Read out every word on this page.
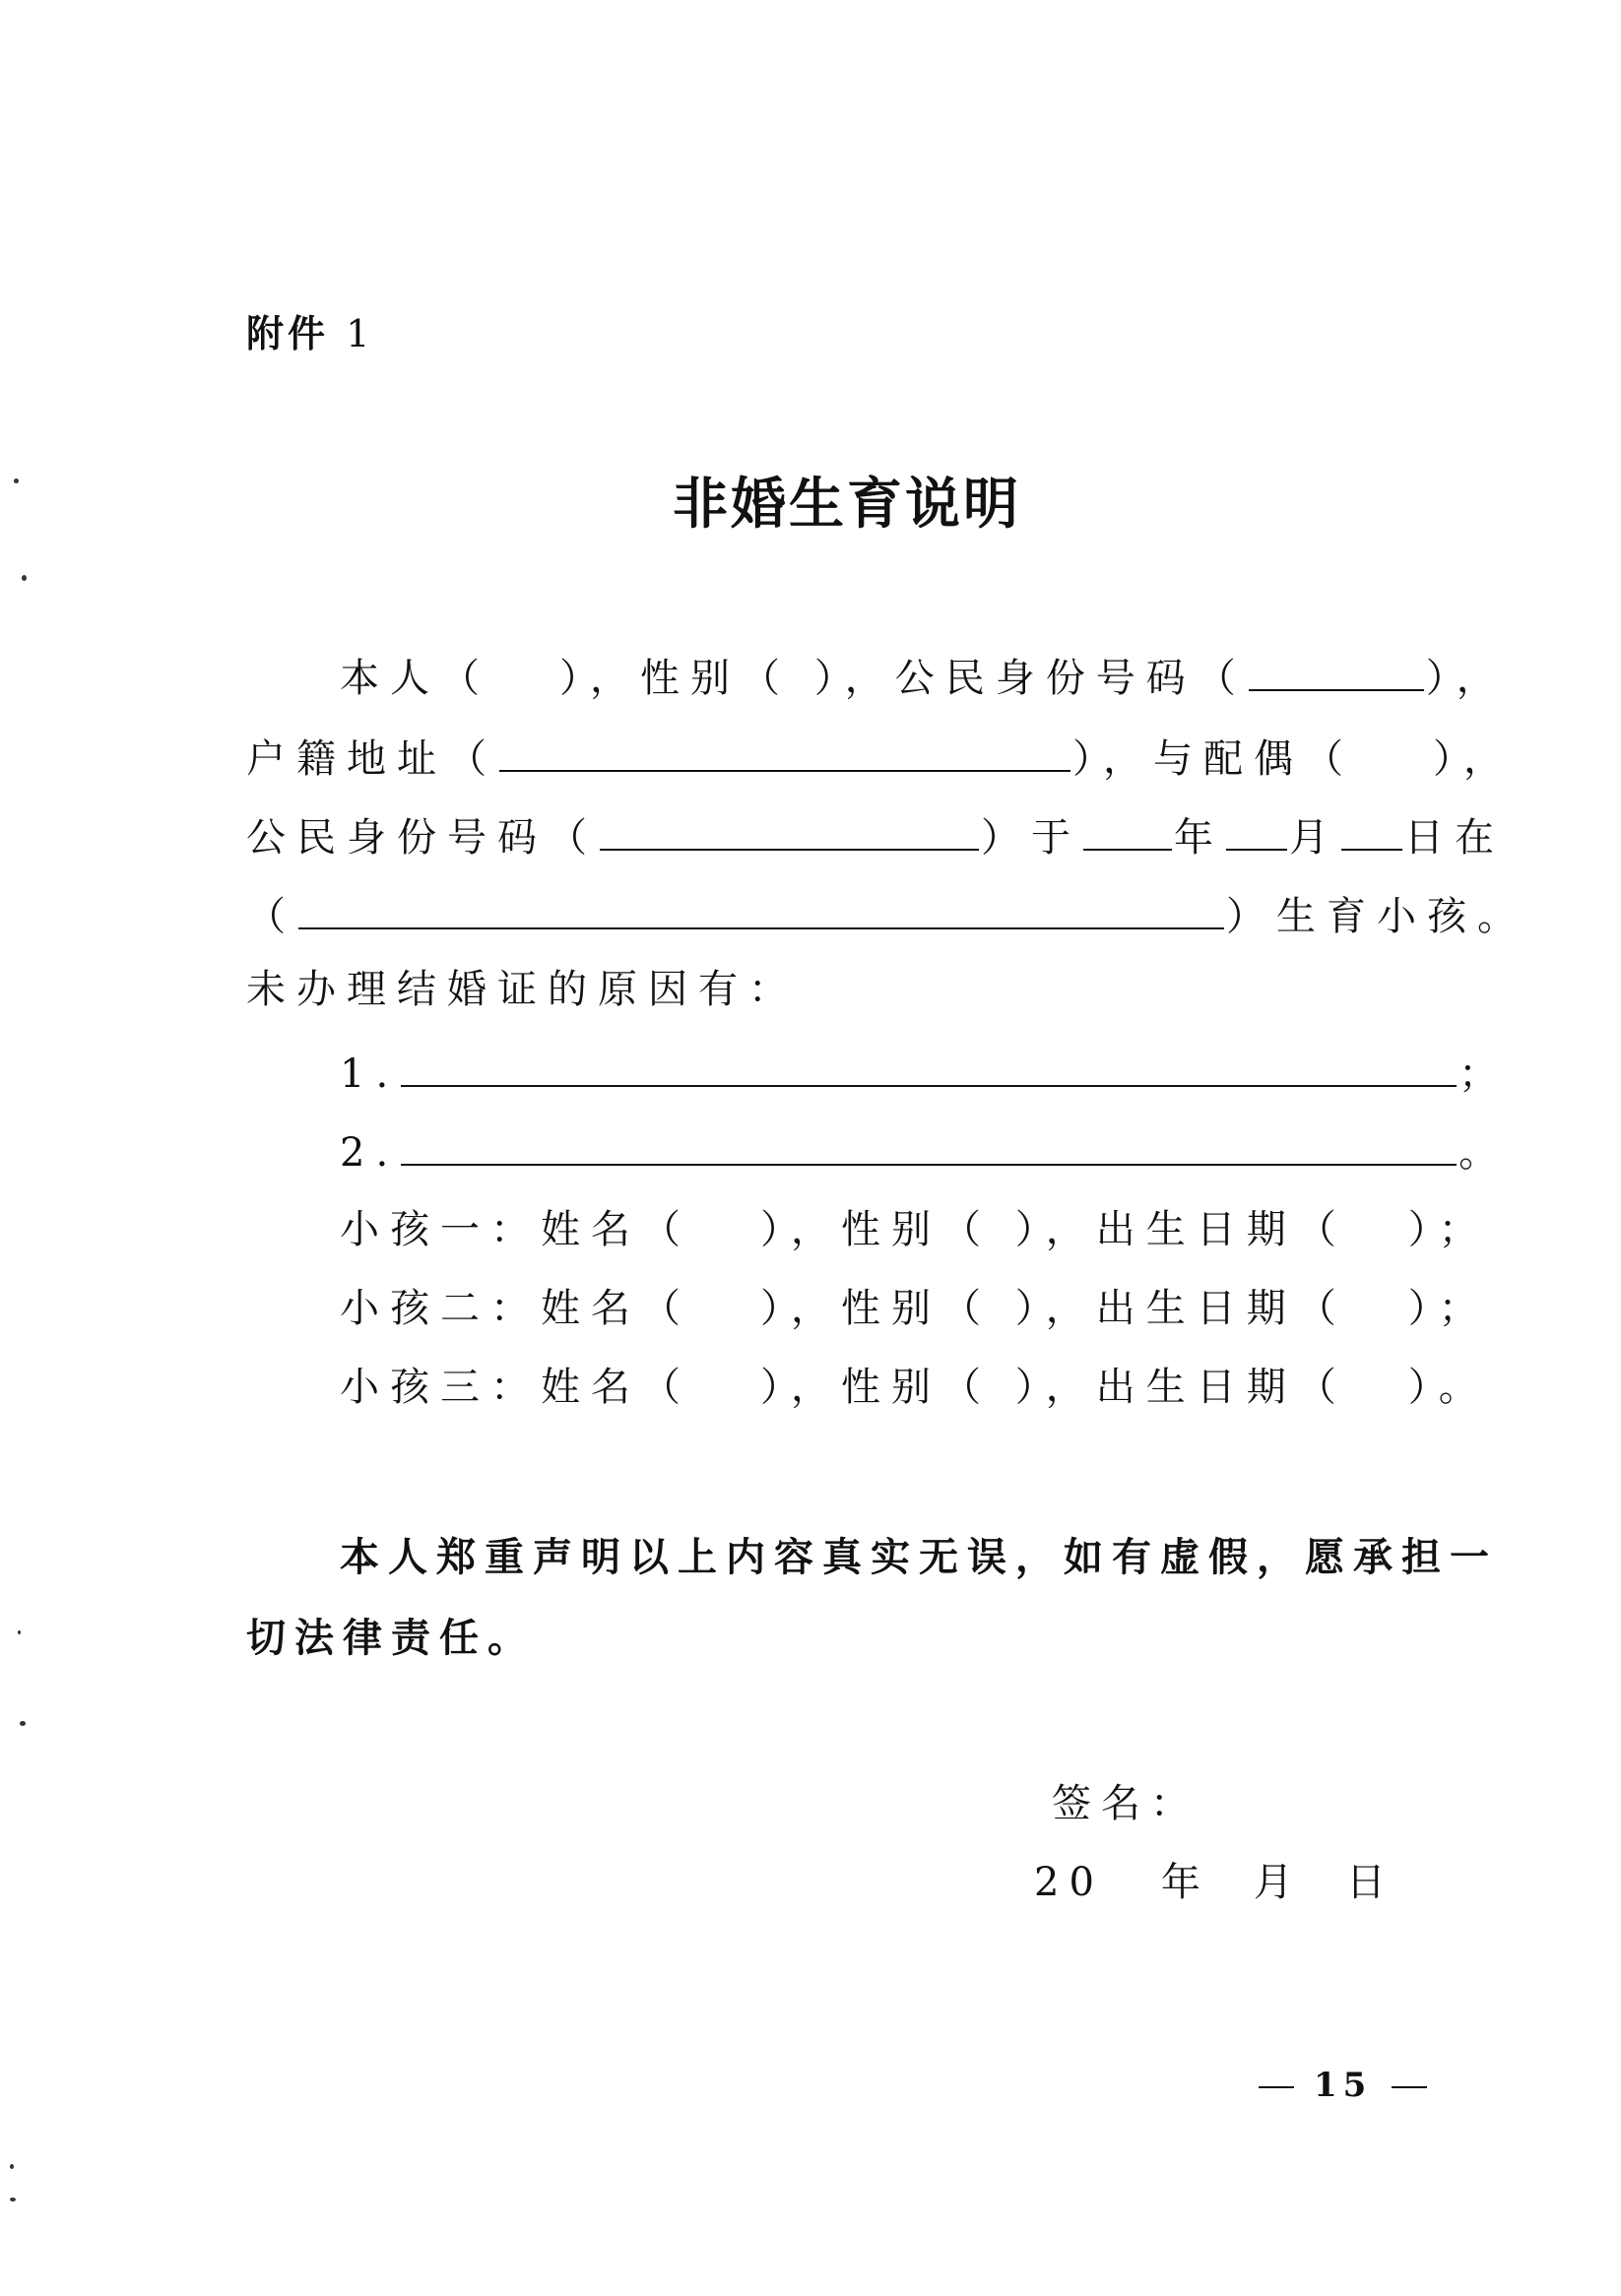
附件 1
非婚生育说明
本人（ ），性别（ ），公民身份号码（	），
户籍地址（	），与配偶（ ），
公民身份号码（	）于 年 月 日在
（	）生育小孩。
未办理结婚证的原因有：
1.	；
2.	。
小孩一：姓名（ ），性别（ ），出生日期（ ）；
小孩二：姓名（ ），性别（ ），出生日期（ ）；
小孩三：姓名（ ），性别（ ），出生日期（ ）。
本人郑重声明以上内容真实无误，如有虚假，愿承担一
切法律责任。
签名：
20 年 月 日
15
